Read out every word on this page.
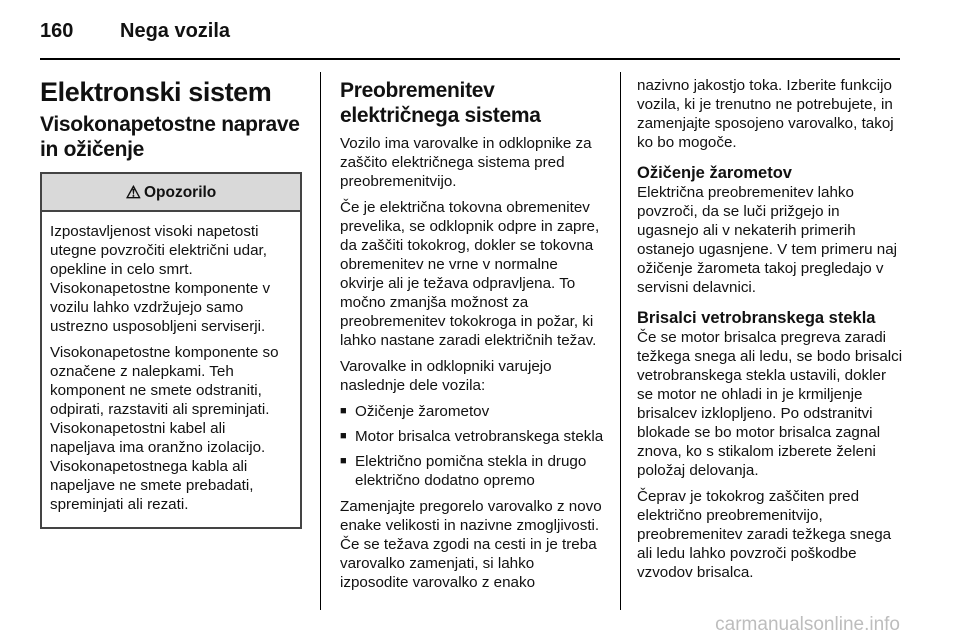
160 Nega vozila
Elektronski sistem
Visokonapetostne naprave in ožičenje
⚠ Opozorilo

Izpostavljenost visoki napetosti utegne povzročiti električni udar, opekline in celo smrt. Visokonapetostne komponente v vozilu lahko vzdržujejo samo ustrezno usposobljeni serviserji.

Visokonapetostne komponente so označene z nalepkami. Teh komponent ne smete odstraniti, odpirati, razstaviti ali spreminjati. Visokonapetostni kabel ali napeljava ima oranžno izolacijo. Visokonapetostnega kabla ali napeljave ne smete prebadati, spreminjati ali rezati.

Preobremenitev električnega sistema

Vozilo ima varovalke in odklopnike za zaščito električnega sistema pred preobremenitvijo.

Če je električna tokovna obremenitev prevelika, se odklopnik odpre in zapre, da zaščiti tokokrog, dokler se tokovna obremenitev ne vrne v normalne okvirje ali je težava odpravljena. To močno zmanjša možnost za preobremenitev tokokroga in požar, ki lahko nastane zaradi električnih težav.

Varovalke in odklopniki varujejo naslednje dele vozila:

■ Ožičenje žarometov
■ Motor brisalca vetrobranskega stekla
■ Električno pomična stekla in drugo električno dodatno opremo

Zamenjajte pregorelo varovalko z novo enake velikosti in nazivne zmogljivosti. Če se težava zgodi na cesti in je treba varovalko zamenjati, si lahko izposodite varovalko z enako

nazivno jakostjo toka. Izberite funkcijo vozila, ki je trenutno ne potrebujete, in zamenjajte sposojeno varovalko, takoj ko bo mogoče.

Ožičenje žarometov

Električna preobremenitev lahko povzroči, da se luči prižgejo in ugasnejo ali v nekaterih primerih ostanejo ugasnjene. V tem primeru naj ožičenje žarometa takoj pregledajo v servisni delavnici.

Brisalci vetrobranskega stekla

Če se motor brisalca pregreva zaradi težkega snega ali ledu, se bodo brisalci vetrobranskega stekla ustavili, dokler se motor ne ohladi in je krmiljenje brisalcev izklopljeno. Po odstranitvi blokade se bo motor brisalca zagnal znova, ko s stikalom izberete želeni položaj delovanja.

Čeprav je tokokrog zaščiten pred električno preobremenitvijo, preobremenitev zaradi težkega snega ali ledu lahko povzroči poškodbe vzvodov brisalca.

carmanualsonline.info
